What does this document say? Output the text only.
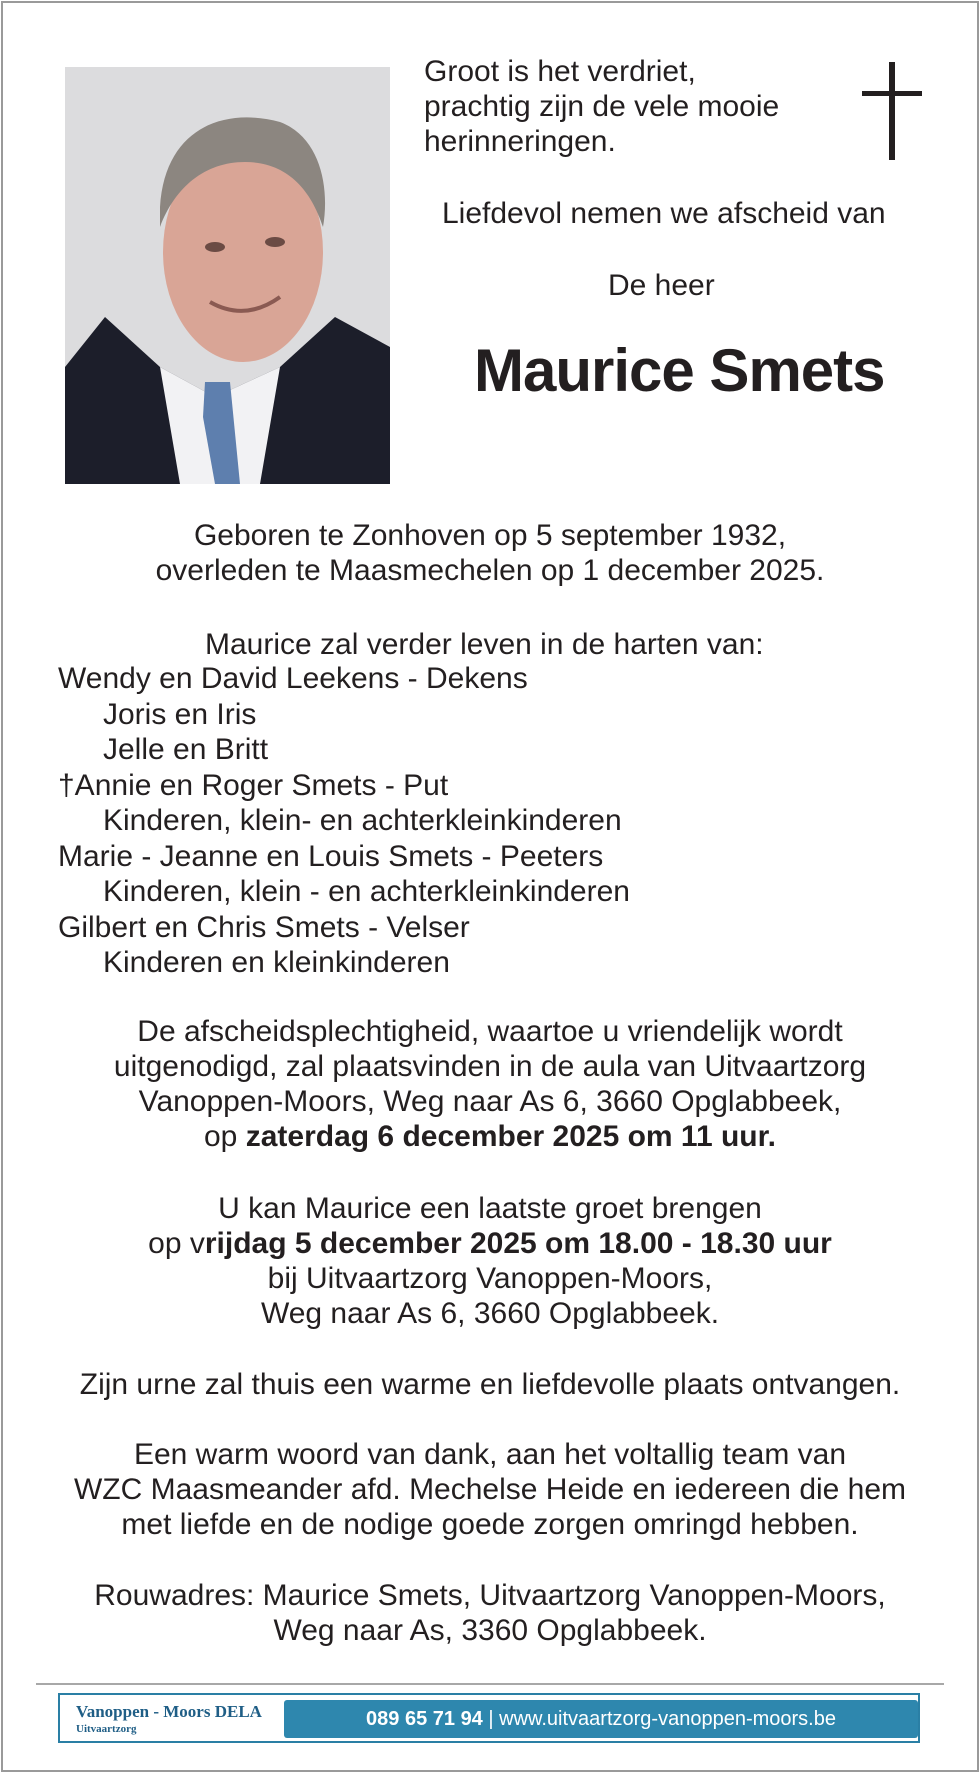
Groot is het verdriet,
prachtig zijn de vele mooie
herinneringen.
Liefdevol nemen we afscheid van
De heer
Maurice Smets
Geboren te Zonhoven op 5 september 1932,
overleden te Maasmechelen op 1 december 2025.
Maurice zal verder leven in de harten van:
Wendy en David Leekens - Dekens
Joris en Iris
Jelle en Britt
†Annie en Roger Smets - Put
Kinderen, klein- en achterkleinkinderen
Marie - Jeanne en Louis Smets - Peeters
Kinderen, klein - en achterkleinkinderen
Gilbert en Chris Smets - Velser
Kinderen en kleinkinderen
De afscheidsplechtigheid, waartoe u vriendelijk wordt
uitgenodigd, zal plaatsvinden in de aula van Uitvaartzorg
Vanoppen-Moors, Weg naar As 6, 3660 Opglabbeek,
op zaterdag 6 december 2025 om 11 uur.
U kan Maurice een laatste groet brengen
op vrijdag 5 december 2025 om 18.00 - 18.30 uur
bij Uitvaartzorg Vanoppen-Moors,
Weg naar As 6, 3660 Opglabbeek.
Zijn urne zal thuis een warme en liefdevolle plaats ontvangen.
Een warm woord van dank, aan het voltallig team van
WZC Maasmeander afd. Mechelse Heide en iedereen die hem
met liefde en de nodige goede zorgen omringd hebben.
Rouwadres: Maurice Smets, Uitvaartzorg Vanoppen-Moors,
Weg naar As, 3360 Opglabbeek.
Vanoppen - Moors DELA
Uitvaartzorg	089 65 71 94 | www.uitvaartzorg-vanoppen-moors.be
